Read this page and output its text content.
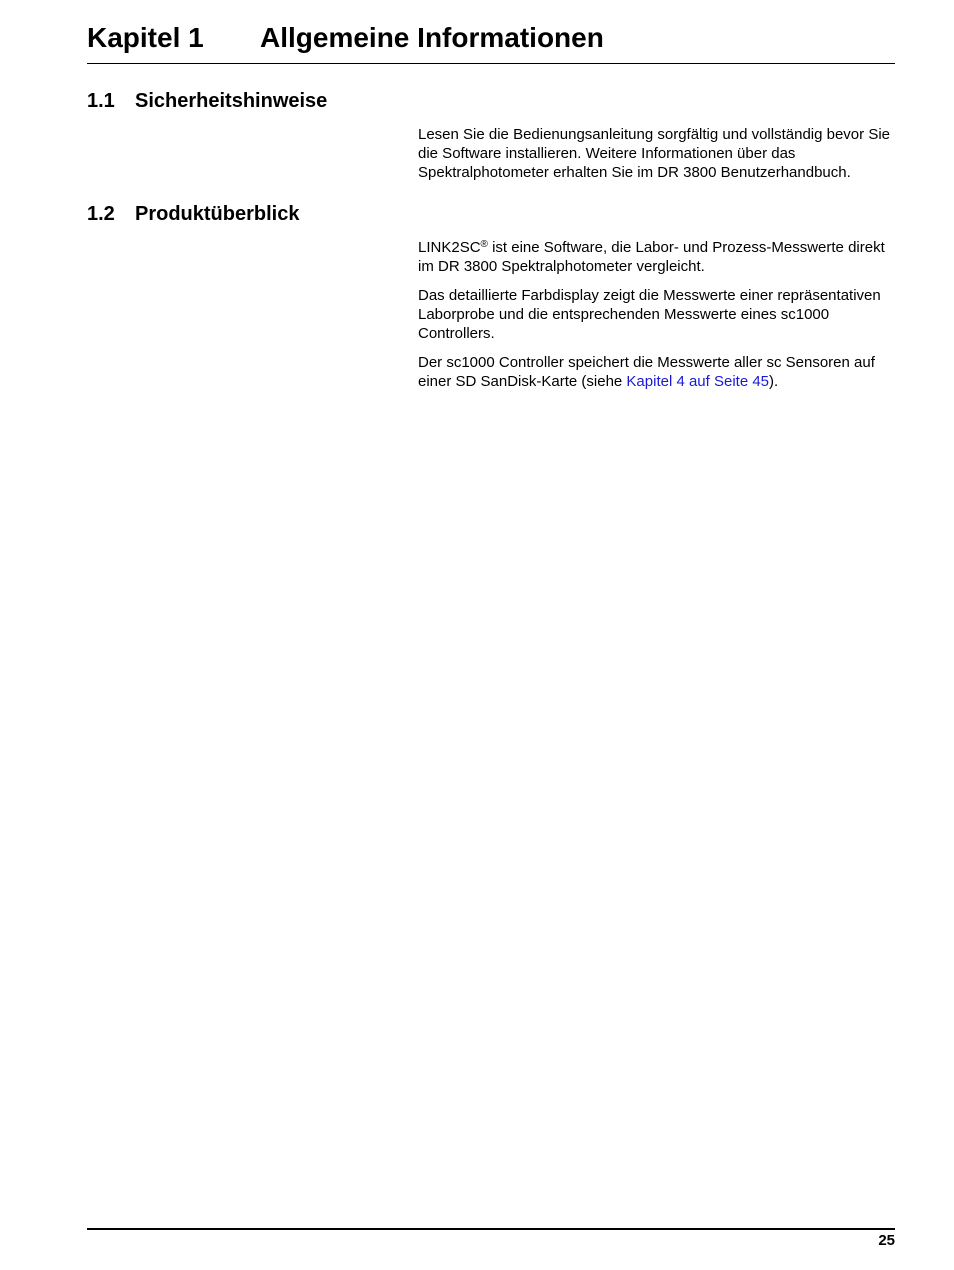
Kapitel 1 Allgemeine Informationen
1.1 Sicherheitshinweise

Lesen Sie die Bedienungsanleitung sorgfältig und vollständig bevor Sie die Software installieren. Weitere Informationen über das Spektralphotometer erhalten Sie im DR 3800 Benutzerhandbuch.

1.2 Produktüberblick

LINK2SC® ist eine Software, die Labor- und Prozess-Messwerte direkt im DR 3800 Spektralphotometer vergleicht.

Das detaillierte Farbdisplay zeigt die Messwerte einer repräsentativen Laborprobe und die entsprechenden Messwerte eines sc1000 Controllers.

Der sc1000 Controller speichert die Messwerte aller sc Sensoren auf einer SD SanDisk-Karte (siehe Kapitel 4 auf Seite 45).

25
